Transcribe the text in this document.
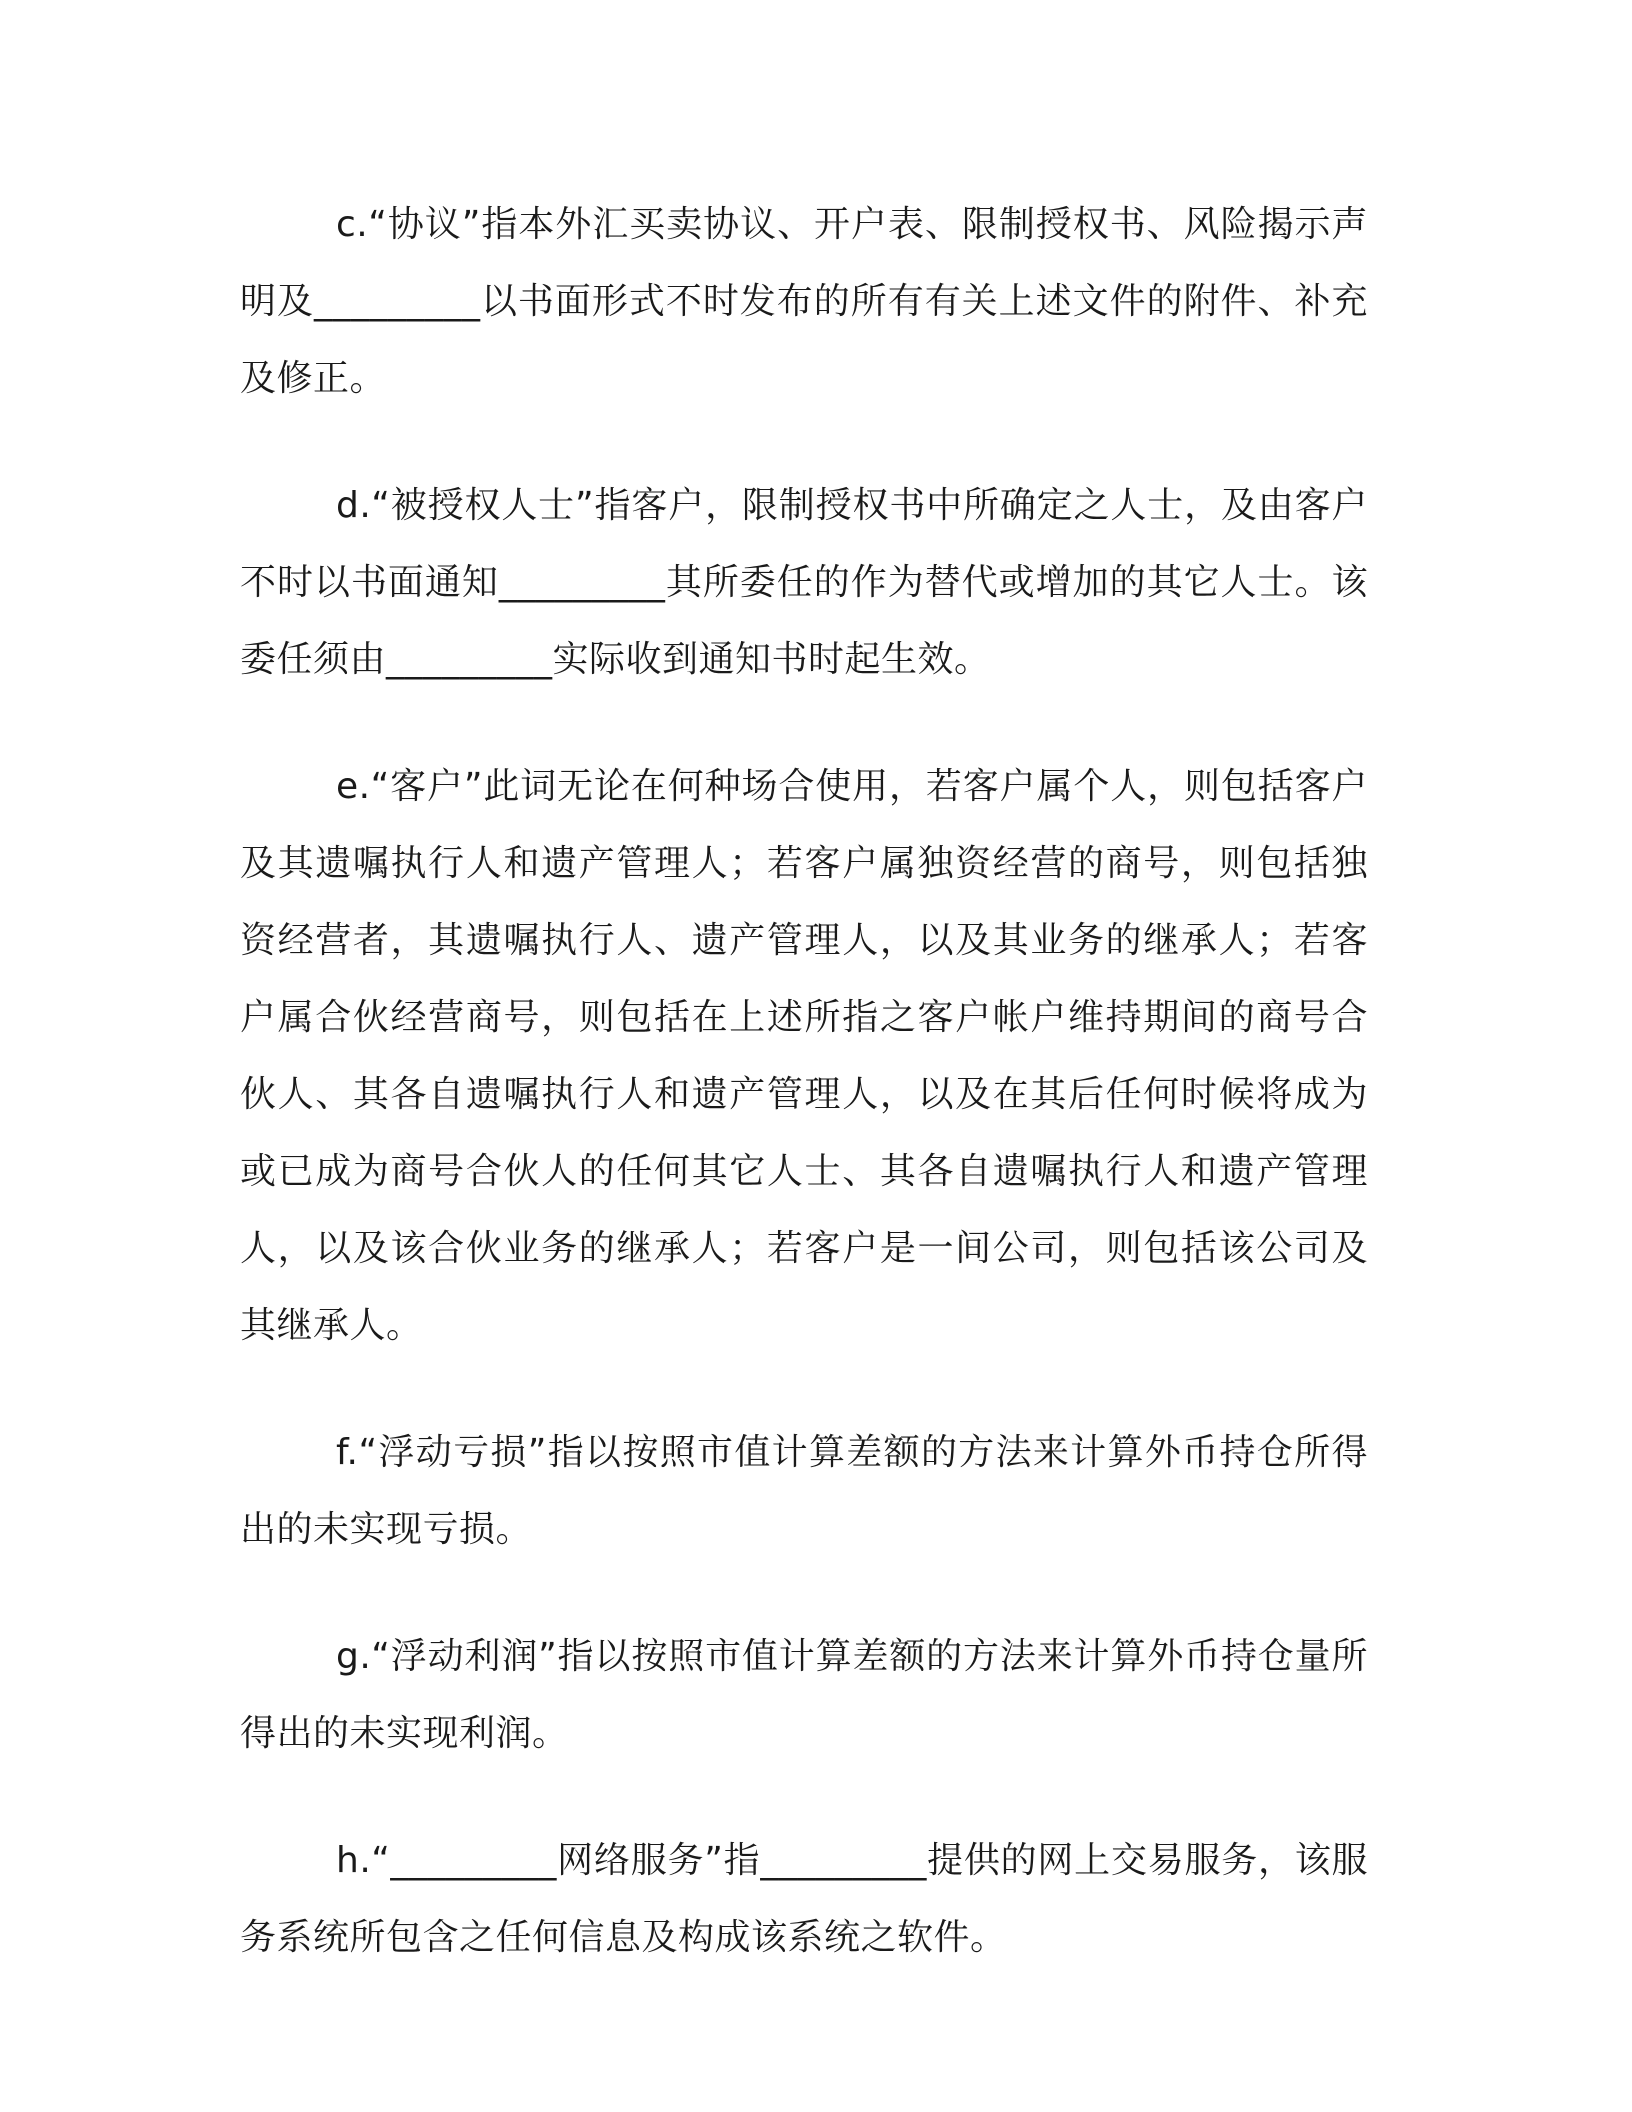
c.“协议”指本外汇买卖协议、开户表、限制授权书、风险揭示声明及_________以书面形式不时发布的所有有关上述文件的附件、补充及修正。

d.“被授权人士”指客户，限制授权书中所确定之人士，及由客户不时以书面通知_________其所委任的作为替代或增加的其它人士。该委任须由_________实际收到通知书时起生效。

e.“客户”此词无论在何种场合使用，若客户属个人，则包括客户及其遗嘱执行人和遗产管理人；若客户属独资经营的商号，则包括独资经营者，其遗嘱执行人、遗产管理人，以及其业务的继承人；若客户属合伙经营商号，则包括在上述所指之客户帐户维持期间的商号合伙人、其各自遗嘱执行人和遗产管理人，以及在其后任何时候将成为或已成为商号合伙人的任何其它人士、其各自遗嘱执行人和遗产管理人，以及该合伙业务的继承人；若客户是一间公司，则包括该公司及其继承人。

f.“浮动亏损”指以按照市值计算差额的方法来计算外币持仓所得出的未实现亏损。

g.“浮动利润”指以按照市值计算差额的方法来计算外币持仓量所得出的未实现利润。

h.“_________网络服务”指_________提供的网上交易服务，该服务系统所包含之任何信息及构成该系统之软件。
